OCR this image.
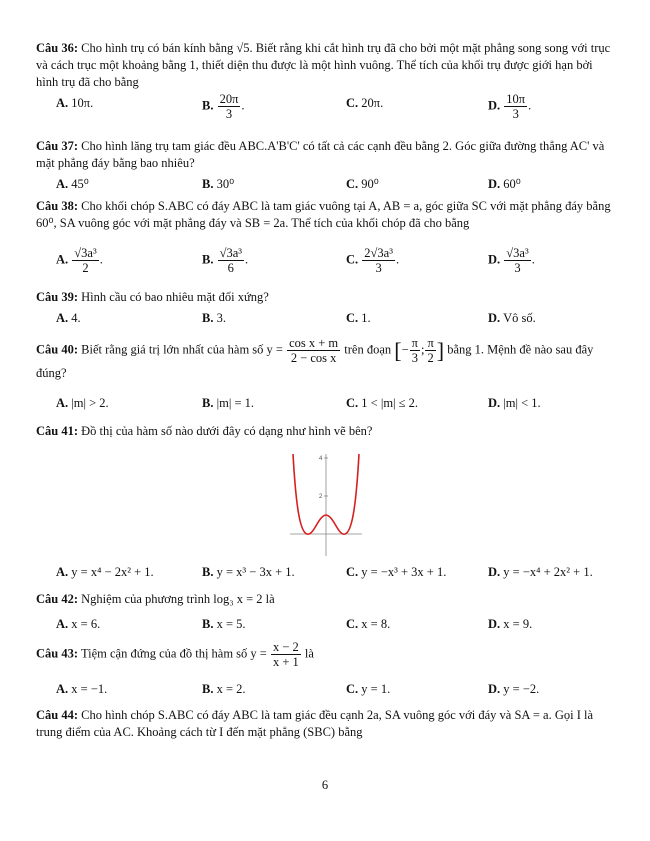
Câu 36: Cho hình trụ có bán kính bằng √5. Biết rằng khi cắt hình trụ đã cho bởi một mặt phẳng song song với trục và cách trục một khoảng bằng 1, thiết diện thu được là một hình vuông. Thể tích của khối trụ được giới hạn bởi hình trụ đã cho bằng
A. 10π.	B. $\frac{20\pi}{3}$ .	C. 20π.	D. $\frac{10\pi}{3}$ .
Câu 37: Cho hình lăng trụ tam giác đều ABC.A'B'C' có tất cả các cạnh đều bằng 2. Góc giữa đường thẳng AC' và mặt phẳng đáy bằng bao nhiêu?
A. 45⁰	B. 30⁰	C. 90⁰	D. 60⁰
Câu 38: Cho khối chóp S.ABC có đáy ABC là tam giác vuông tại A, AB = a, góc giữa SC với mặt phẳng đáy bằng 60⁰, SA vuông góc với mặt phẳng đáy và SB = 2a. Thể tích của khối chóp đã cho bằng
A. $\frac{\text{√3a³}}{2}$ .	B. $\frac{\text{√3a³}}{6}$ .	C. $\frac{\text{2√3a³}}{3}$ .	D. $\frac{\text{√3a³}}{3}$ .
Câu 39: Hình cầu có bao nhiêu mặt đối xứng?
A. 4.	B. 3.	C. 1.	D. Vô số.
Câu 40: Biết rằng giá trị lớn nhất của hàm số $y = \frac{\text{cos x + m}}{\text{2 − cos x}}$ trên đoạn [− $\frac{\pi}{3}$ ; $\frac{\pi}{2}$ ] bằng 1. Mệnh đề nào sau đây đúng?
A. |m| > 2.	B. |m| = 1.	C. 1 < |m| ≤ 2.	D. |m| < 1.
Câu 41: Đồ thị của hàm số nào dưới đây có dạng như hình vẽ bên?
4
2
A. y = x⁴ − 2x² + 1.	B. y = x³ − 3x + 1.	C. y = −x³ + 3x + 1.	D. y = −x⁴ + 2x² + 1.
Câu 42: Nghiệm của phương trình log₃ x = 2 là
A. x = 6.	B. x = 5.	C. x = 8.	D. x = 9.
Câu 43: Tiệm cận đứng của đồ thị hàm số $y = \frac{x - 2}{x + 1}$ là
A. x = −1.	B. x = 2.	C. y = 1.	D. y = −2.
Câu 44: Cho hình chóp S.ABC có đáy ABC là tam giác đều cạnh 2a, SA vuông góc với đáy và SA = a. Gọi I là trung điểm của AC. Khoảng cách từ I đến mặt phẳng (SBC) bằng
6
